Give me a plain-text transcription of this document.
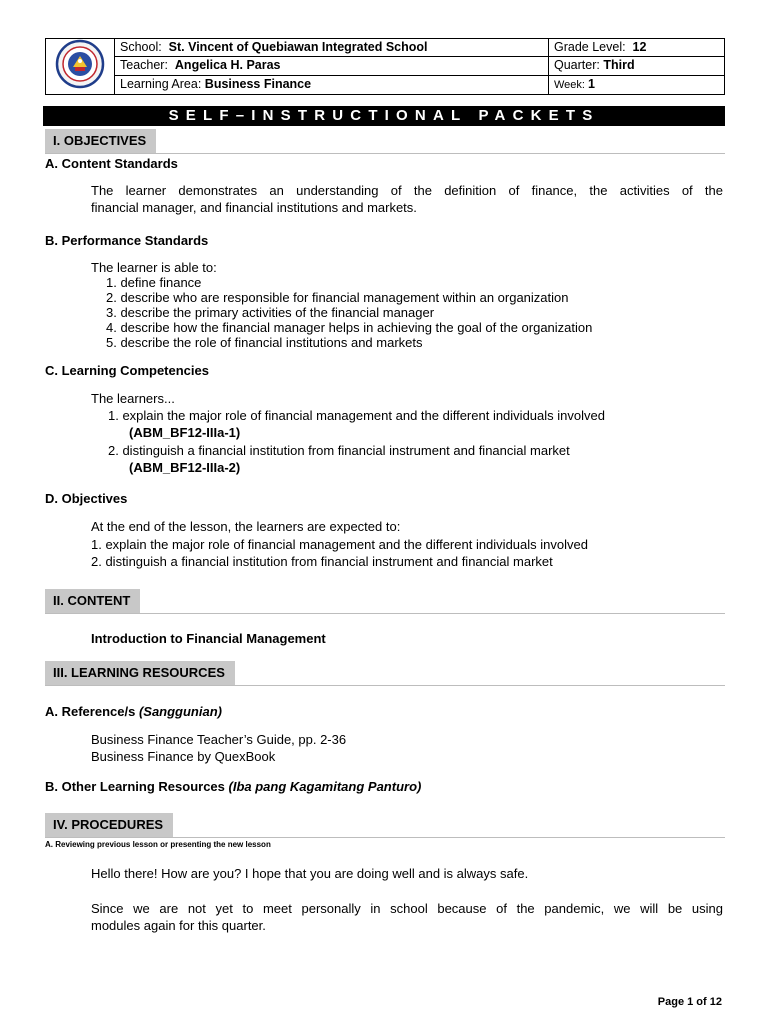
	School: St. Vincent of Quebiawan Integrated School	Grade Level: 12
	Teacher: Angelica H. Paras	Quarter: Third
	Learning Area: Business Finance	Week: 1
SELF–INSTRUCTIONAL PACKETS
I. OBJECTIVES
A. Content Standards
The learner demonstrates an understanding of the definition of finance, the activities of the
financial manager, and financial institutions and markets.
B. Performance Standards
The learner is able to:
1. define finance
2. describe who are responsible for financial management within an organization
3. describe the primary activities of the financial manager
4. describe how the financial manager helps in achieving the goal of the organization
5. describe the role of financial institutions and markets
C. Learning Competencies
The learners...
1. explain the major role of financial management and the different individuals involved
(ABM_BF12-IIIa-1)
2. distinguish a financial institution from financial instrument and financial market
(ABM_BF12-IIIa-2)
D. Objectives
At the end of the lesson, the learners are expected to:
1. explain the major role of financial management and the different individuals involved
2. distinguish a financial institution from financial instrument and financial market
II. CONTENT
Introduction to Financial Management
III. LEARNING RESOURCES
A. Reference/s (Sanggunian)
Business Finance Teacher’s Guide, pp. 2-36
Business Finance by QuexBook
B. Other Learning Resources (Iba pang Kagamitang Panturo)
IV. PROCEDURES
A. Reviewing previous lesson or presenting the new lesson
Hello there! How are you? I hope that you are doing well and is always safe.
Since we are not yet to meet personally in school because of the pandemic, we will be using
modules again for this quarter.
Page 1 of 12
